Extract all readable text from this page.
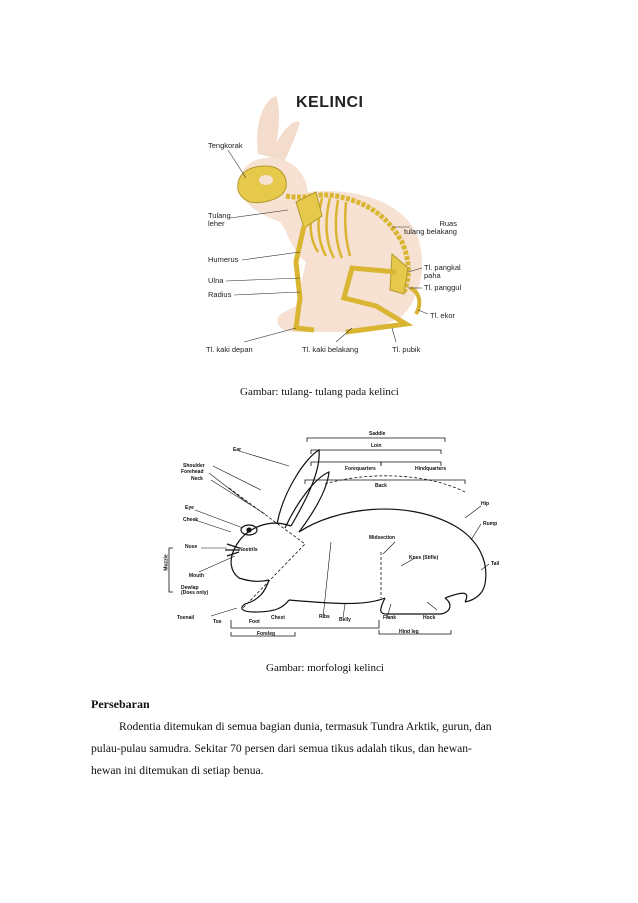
KELINCI
Tengkorak
Tulang
leher
Humerus
Ulna
Radius
Tl. kaki depan	Tl. kaki belakang	Tl. pubik
Ruas
tulang belakang
Tl. pangkal
paha
Tl. panggul
Tl. ekor
Gambar: tulang- tulang pada kelinci
Ear
Saddle
Loin
Shoulder
Forehead
Neck
Forequarters	Hindquarters
Back
Hip
Eye
Cheek
Rump
Midsection
Nose	Nostrils
Muzzle	Knee (Stifle)
Tail
Mouth
Dewlap
(Does only)
Toenail
Toe	Foot
Chest	Ribs Belly	Flank	Hock
Foreleg	Hind leg
Gambar: morfologi kelinci
Persebaran
Rodentia ditemukan di semua bagian dunia, termasuk Tundra Arktik, gurun, dan
pulau-pulau samudra. Sekitar 70 persen dari semua tikus adalah tikus, dan hewan-
hewan ini ditemukan di setiap benua.
